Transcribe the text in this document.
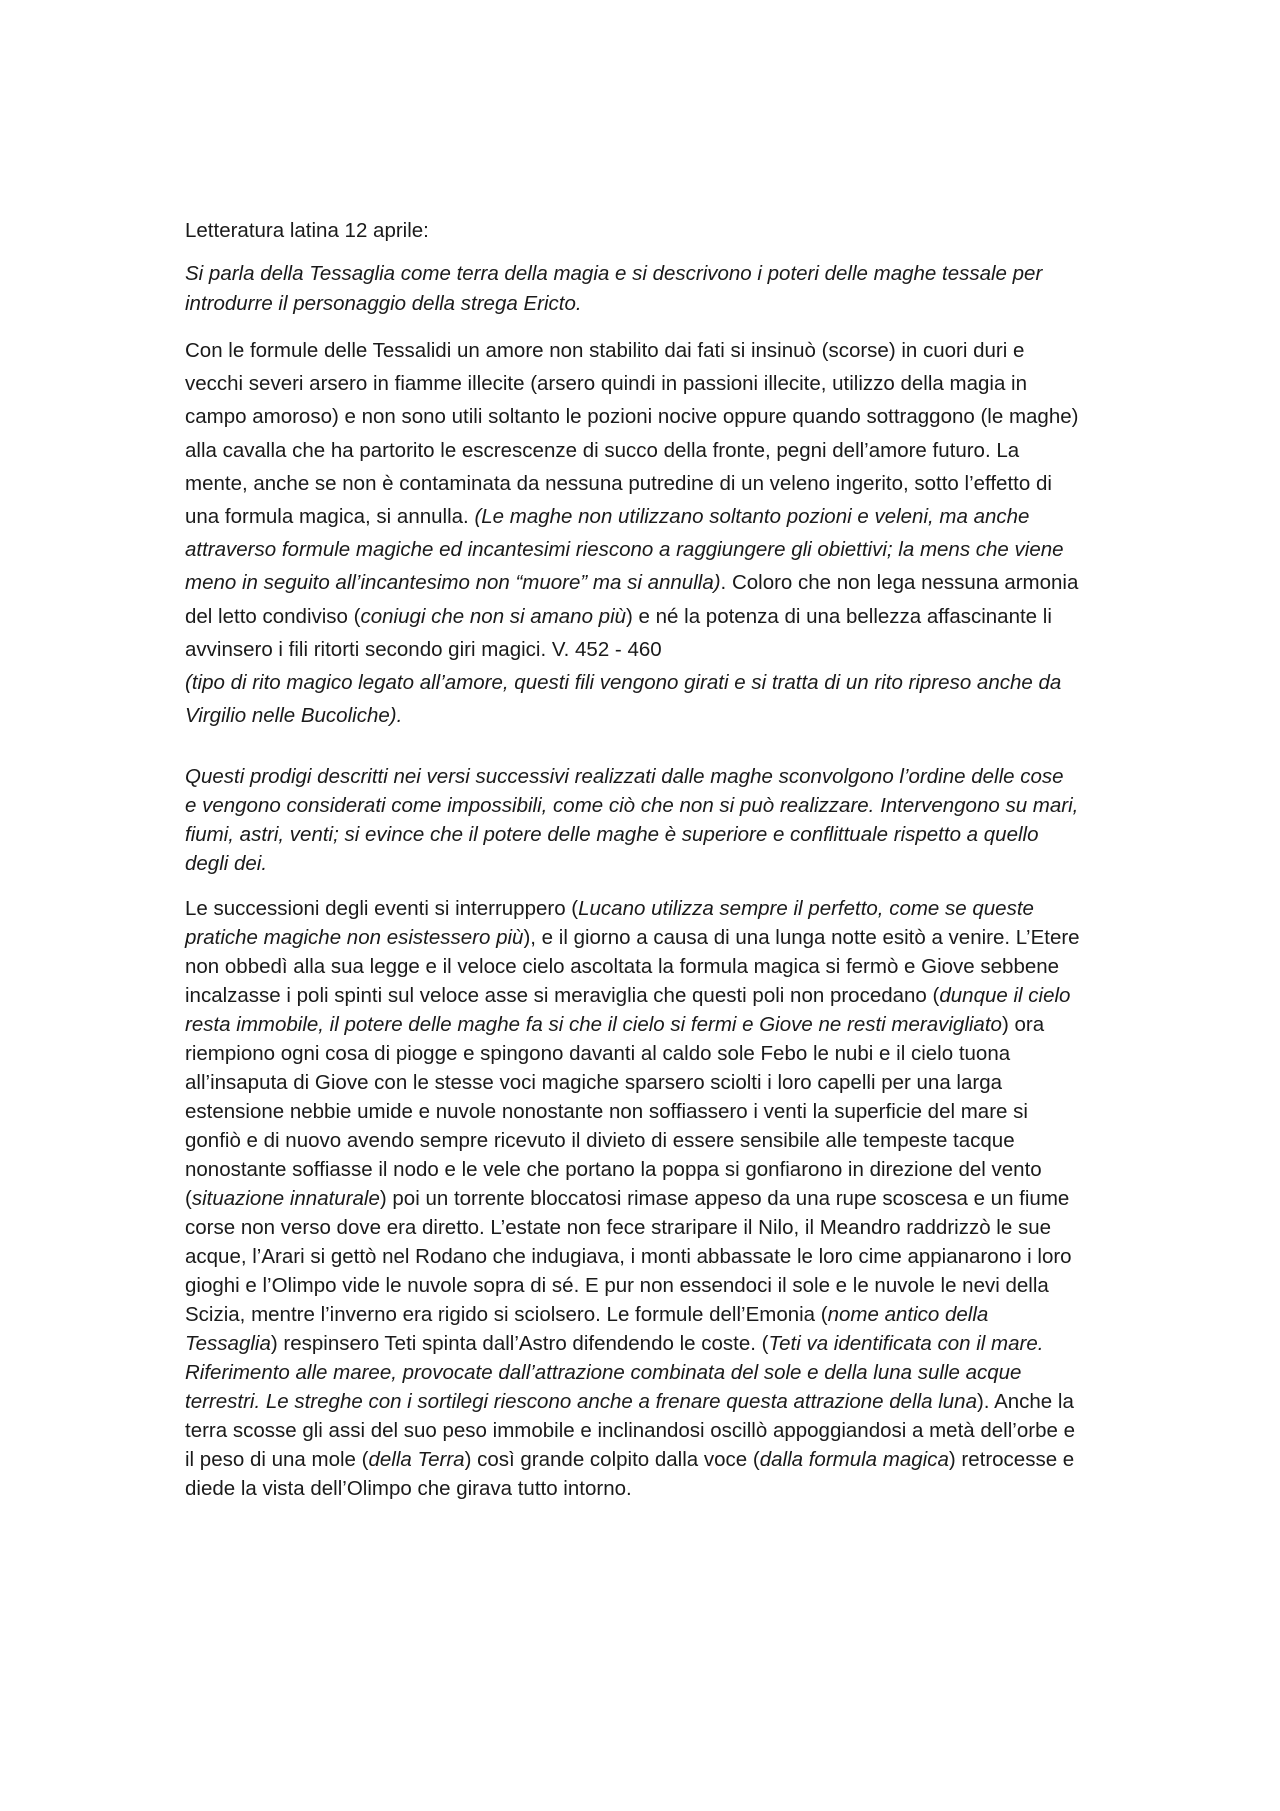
Letteratura latina 12 aprile:

Si parla della Tessaglia come terra della magia e si descrivono i poteri delle maghe tessale per introdurre il personaggio della strega Ericto.

Con le formule delle Tessalidi un amore non stabilito dai fati si insinuò (scorse) in cuori duri e vecchi severi arsero in fiamme illecite (arsero quindi in passioni illecite, utilizzo della magia in campo amoroso) e non sono utili soltanto le pozioni nocive oppure quando sottraggono (le maghe) alla cavalla che ha partorito le escrescenze di succo della fronte, pegni dell’amore futuro. La mente, anche se non è contaminata da nessuna putredine di un veleno ingerito, sotto l’effetto di una formula magica, si annulla. (Le maghe non utilizzano soltanto pozioni e veleni, ma anche attraverso formule magiche ed incantesimi riescono a raggiungere gli obiettivi; la mens che viene meno in seguito all’incantesimo non “muore” ma si annulla). Coloro che non lega nessuna armonia del letto condiviso (coniugi che non si amano più) e né la potenza di una bellezza affascinante li avvinsero i fili ritorti secondo giri magici. V. 452 - 460

(tipo di rito magico legato all’amore, questi fili vengono girati e si tratta di un rito ripreso anche da Virgilio nelle Bucoliche).

Questi prodigi descritti nei versi successivi realizzati dalle maghe sconvolgono l’ordine delle cose e vengono considerati come impossibili, come ciò che non si può realizzare. Intervengono su mari, fiumi, astri, venti; si evince che il potere delle maghe è superiore e conflittuale rispetto a quello degli dei.

Le successioni degli eventi si interruppero (Lucano utilizza sempre il perfetto, come se queste pratiche magiche non esistessero più), e il giorno a causa di una lunga notte esitò a venire. L’Etere non obbedì alla sua legge e il veloce cielo ascoltata la formula magica si fermò e Giove sebbene incalzasse i poli spinti sul veloce asse si meraviglia che questi poli non procedano (dunque il cielo resta immobile, il potere delle maghe fa si che il cielo si fermi e Giove ne resti meravigliato) ora riempiono ogni cosa di piogge e spingono davanti al caldo sole Febo le nubi e il cielo tuona all’insaputa di Giove con le stesse voci magiche sparsero sciolti i loro capelli per una larga estensione nebbie umide e nuvole nonostante non soffiassero i venti la superficie del mare si gonfiò e di nuovo avendo sempre ricevuto il divieto di essere sensibile alle tempeste tacque nonostante soffiasse il nodo e le vele che portano la poppa si gonfiarono in direzione del vento (situazione innaturale) poi un torrente bloccatosi rimase appeso da una rupe scoscesa e un fiume corse non verso dove era diretto. L’estate non fece straripare il Nilo, il Meandro raddrizzò le sue acque, l’Arari si gettò nel Rodano che indugiava, i monti abbassate le loro cime appianarono i loro gioghi e l’Olimpo vide le nuvole sopra di sé. E pur non essendoci il sole e le nuvole le nevi della Scizia, mentre l’inverno era rigido si sciolsero. Le formule dell’Emonia (nome antico della Tessaglia) respinsero Teti spinta dall’Astro difendendo le coste. (Teti va identificata con il mare. Riferimento alle maree, provocate dall’attrazione combinata del sole e della luna sulle acque terrestri. Le streghe con i sortilegi riescono anche a frenare questa attrazione della luna). Anche la terra scosse gli assi del suo peso immobile e inclinandosi oscillò appoggiandosi a metà dell’orbe e il peso di una mole (della Terra) così grande colpito dalla voce (dalla formula magica) retrocesse e diede la vista dell’Olimpo che girava tutto intorno.
